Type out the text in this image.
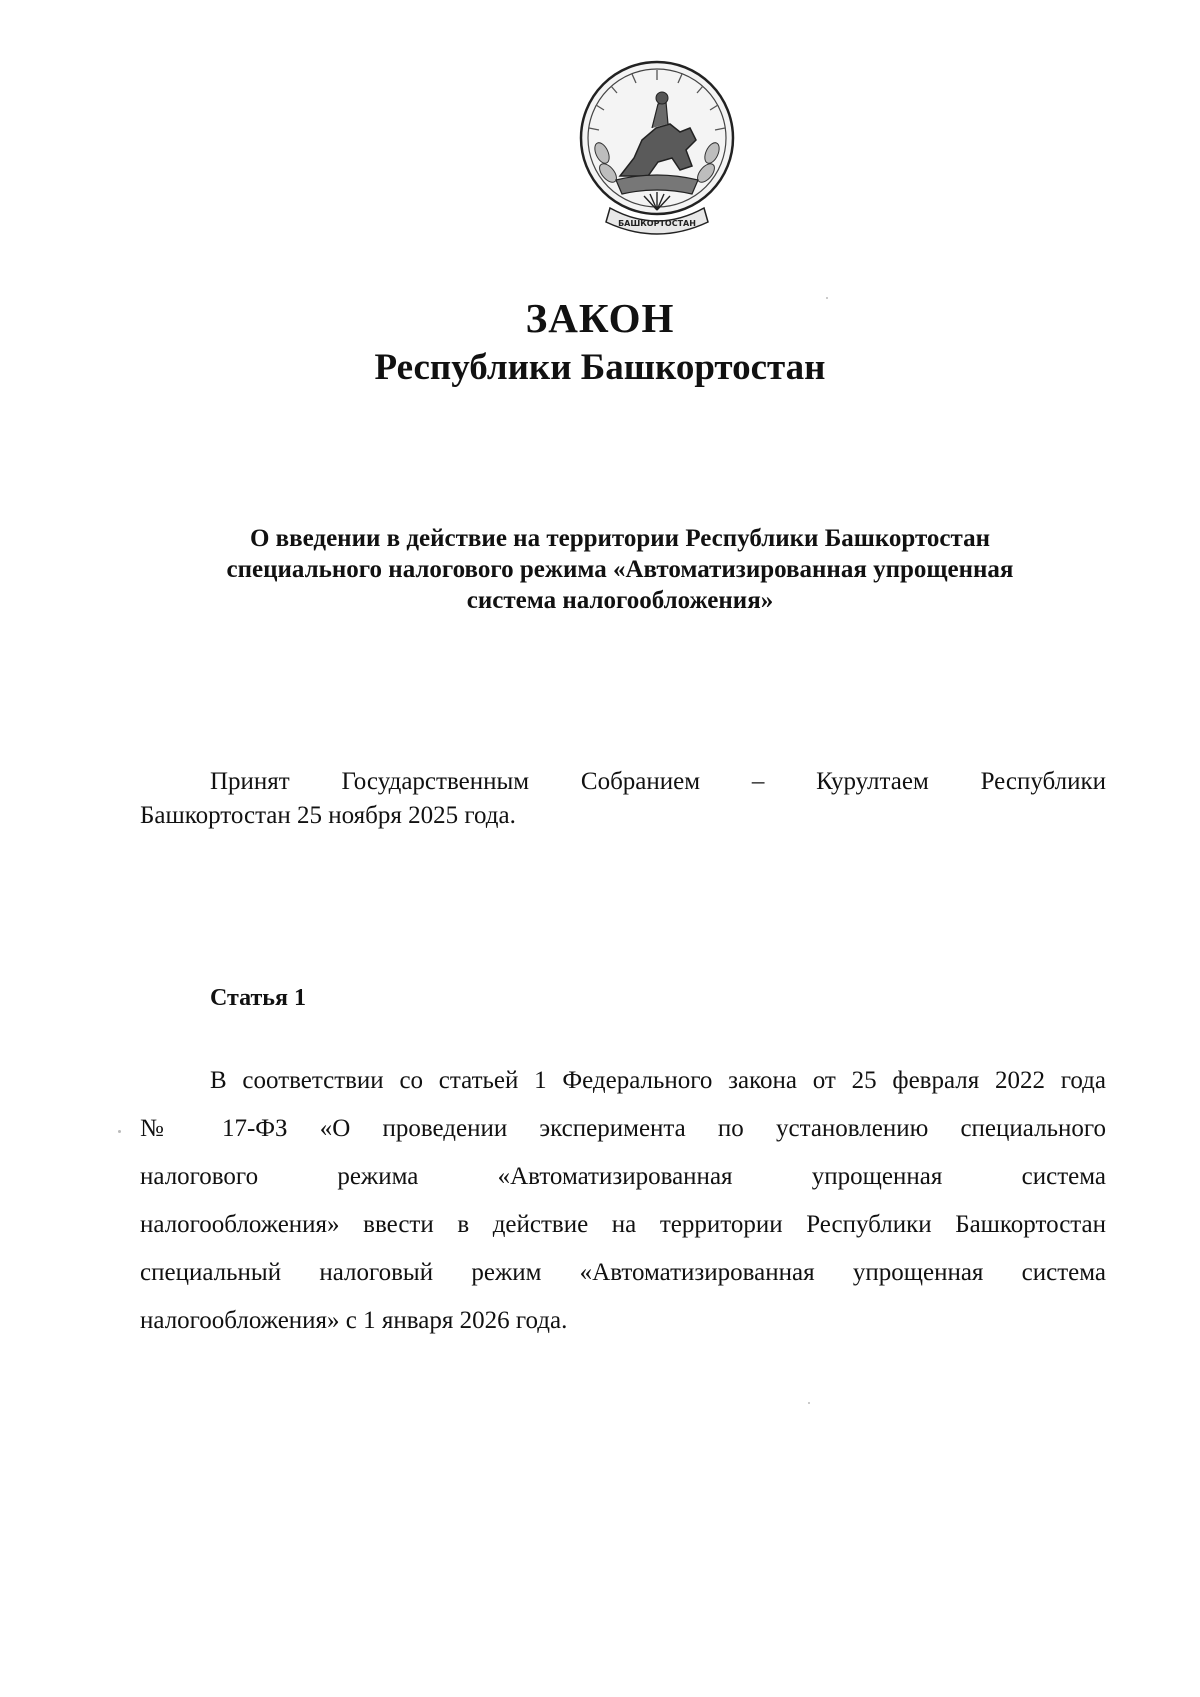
БАШКОРТОСТАН
ЗАКОН
Республики Башкортостан
О введении в действие на территории Республики Башкортостан
специального налогового режима «Автоматизированная упрощенная
система налогообложения»
Принят Государственным Собранием – Курултаем Республики
Башкортостан 25 ноября 2025 года.
Статья 1
В соответствии со статьей 1 Федерального закона от 25 февраля 2022 года
№ 17-ФЗ «О проведении эксперимента по установлению специального
налогового режима «Автоматизированная упрощенная система
налогообложения» ввести в действие на территории Республики Башкортостан
специальный налоговый режим «Автоматизированная упрощенная система
налогообложения» с 1 января 2026 года.
